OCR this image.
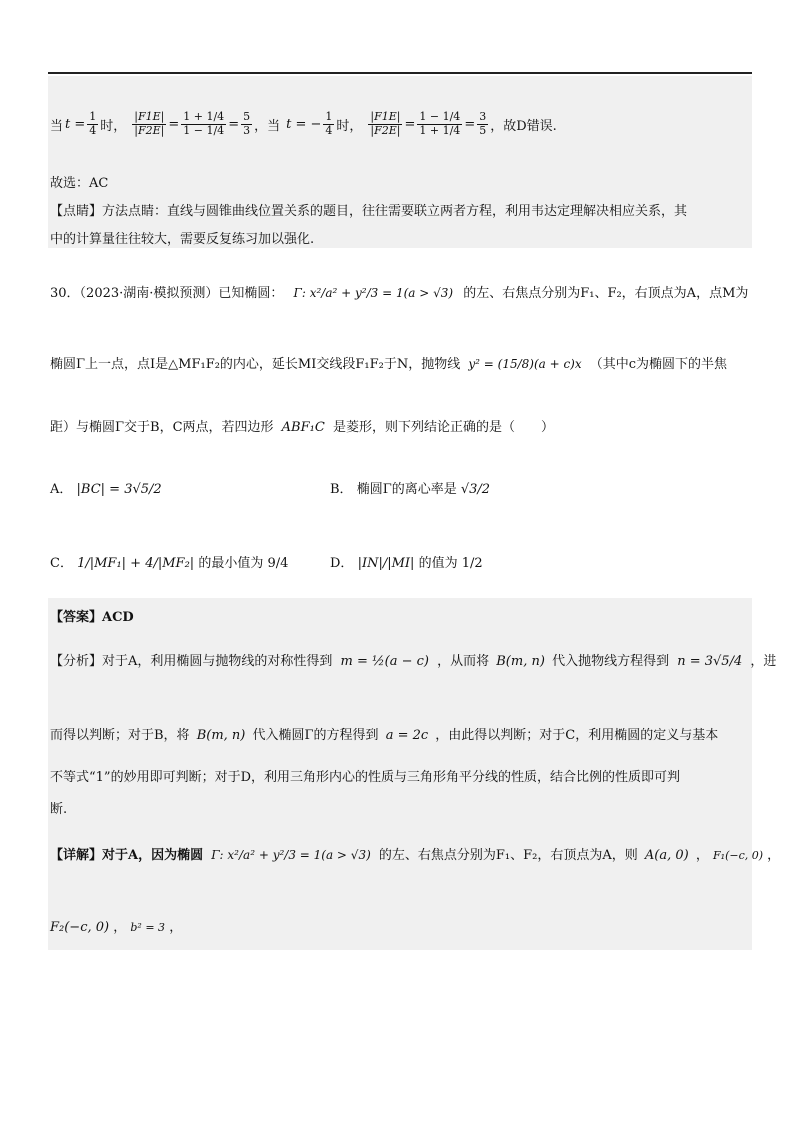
当 $t = \frac{1}{4}$ 时， $\frac{|F1E|}{|F2E|} = \frac{1 + 1/4}{1 - 1/4} = \frac{5}{3}$ ，当 t = − $\frac{1}{4}$ 时， $\frac{|F1E|}{|F2E|} = \frac{1 - 1/4}{1 + 1/4} = \frac{3}{5}$ ，故D错误.
故选：AC
【点睛】方法点睛：直线与圆锥曲线位置关系的题目，往往需要联立两者方程，利用韦达定理解决相应关系，其
中的计算量往往较大，需要反复练习加以强化.
30．（2023·湖南·模拟预测）已知椭圆： Γ: x²/a² + y²/3 = 1(a > √3) 的左、右焦点分别为F₁、F₂，右顶点为A，点M为
椭圆Γ上一点，点I是△MF₁F₂的内心，延长MI交线段F₁F₂于N，抛物线 y² = (15/8)(a + c)x （其中c为椭圆下的半焦
距）与椭圆Γ交于B，C两点，若四边形 ABF₁C 是菱形，则下列结论正确的是（　　）
A． |BC| = 3√5/2	B． 椭圆Γ的离心率是 √3/2
C． 1/|MF₁| + 4/|MF₂| 的最小值为 9/4	D． |IN|/|MI| 的值为 1/2
【答案】ACD
【分析】对于A，利用椭圆与抛物线的对称性得到 m = ½(a − c) ，从而将 B(m, n) 代入抛物线方程得到 n = 3√5/4 ，进
而得以判断；对于B，将 B(m, n) 代入椭圆Γ的方程得到 a = 2c ，由此得以判断；对于C，利用椭圆的定义与基本
不等式“1”的妙用即可判断；对于D，利用三角形内心的性质与三角形角平分线的性质，结合比例的性质即可判
断.
【详解】对于A，因为椭圆 Γ: x²/a² + y²/3 = 1(a > √3) 的左、右焦点分别为F₁、F₂，右顶点为A，则 A(a, 0) ， F₁(−c, 0) ，
F₂(−c, 0) ， b² = 3 ，
